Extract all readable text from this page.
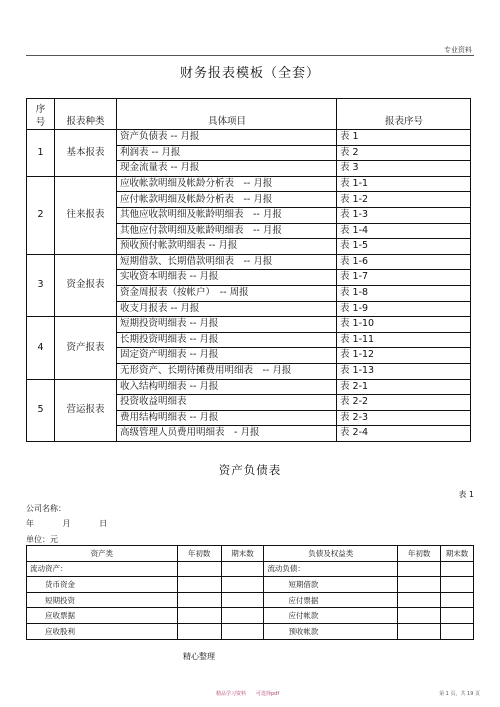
专业资料
财务报表模板（全套）
序
号	报表种类	具体项目	报表序号
1	基本报表	资产负债表 -- 月报	表 1
		利润表 -- 月报	表 2
		现金流量表 -- 月报	表 3
2	往来报表	应收帐款明细及帐龄分析表　-- 月报	表 1-1
		应付帐款明细及帐龄分析表　-- 月报	表 1-2
		其他应收款明细及帐龄明细表　-- 月报	表 1-3
		其他应付款明细及帐龄明细表　-- 月报	表 1-4
		预收预付帐款明细表 -- 月报	表 1-5
3	资金报表	短期借款、长期借款明细表　-- 月报	表 1-6
		实收资本明细表 -- 月报	表 1-7
		资金周报表（按帐户）　-- 周报	表 1-8
		收支月报表 -- 月报	表 1-9
4	资产报表	短期投资明细表 -- 月报	表 1-10
		长期投资明细表 -- 月报	表 1-11
		固定资产明细表 -- 月报	表 1-12
		无形资产、长期待摊费用明细表　-- 月报	表 1-13
5	营运报表	收入结构明细表 -- 月报	表 2-1
		投资收益明细表	表 2-2
		费用结构明细表 -- 月报	表 2-3
		高级管理人员费用明细表　- 月报	表 2-4
资产负债表
表 1
公司名称：
年	月	日
单位：元
资产类	年初数	期末数	负债及权益类	年初数	期末数
流动资产：			流动负债：		
货币资金			短期借款		
短期投资			应付票据		
应收票据			应付帐款		
应收股利			预收帐款		
精心整理
精品学习资料　　可选择pdf	第 1 页，共 19 页
